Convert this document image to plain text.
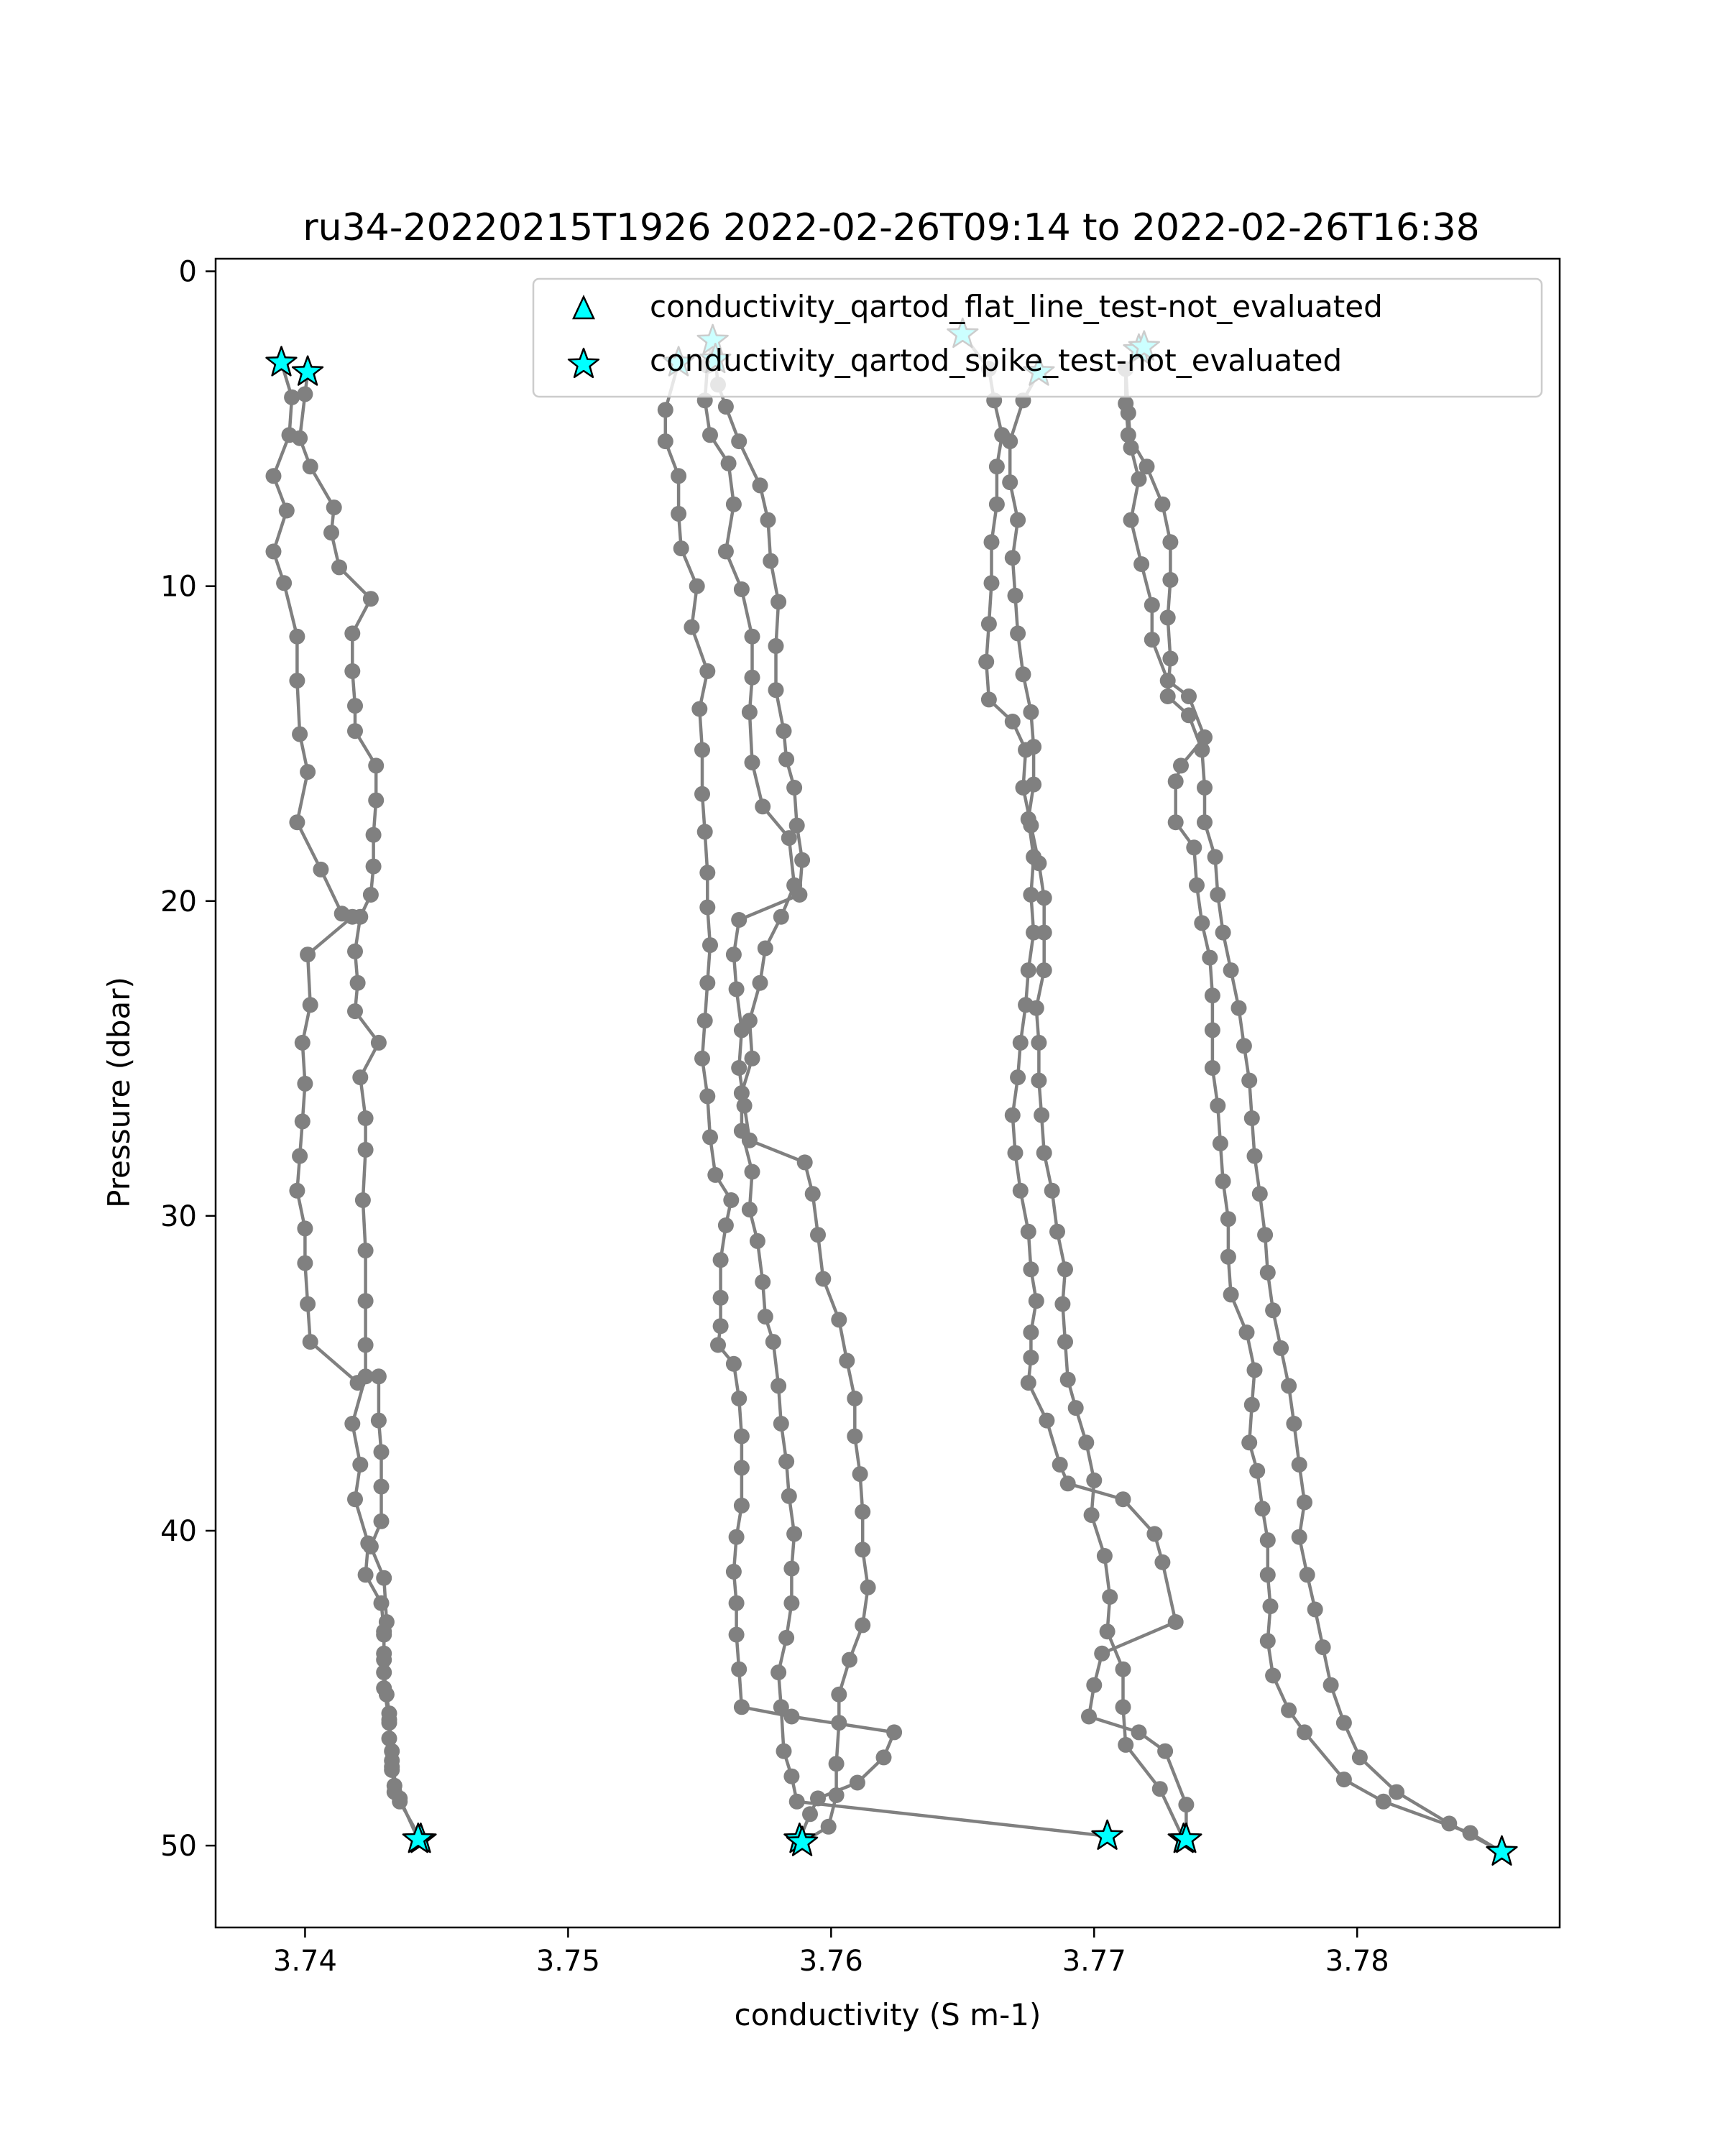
ru34-20220215T1926 2022-02-26T09:14 to 2022-02-26T16:38
3.74	3.75	3.76	3.77	3.78
0
10
20
30
40
50
conductivity (S m-1)
Pressure (dbar)
conductivity_qartod_flat_line_test-not_evaluated
conductivity_qartod_spike_test-not_evaluated
